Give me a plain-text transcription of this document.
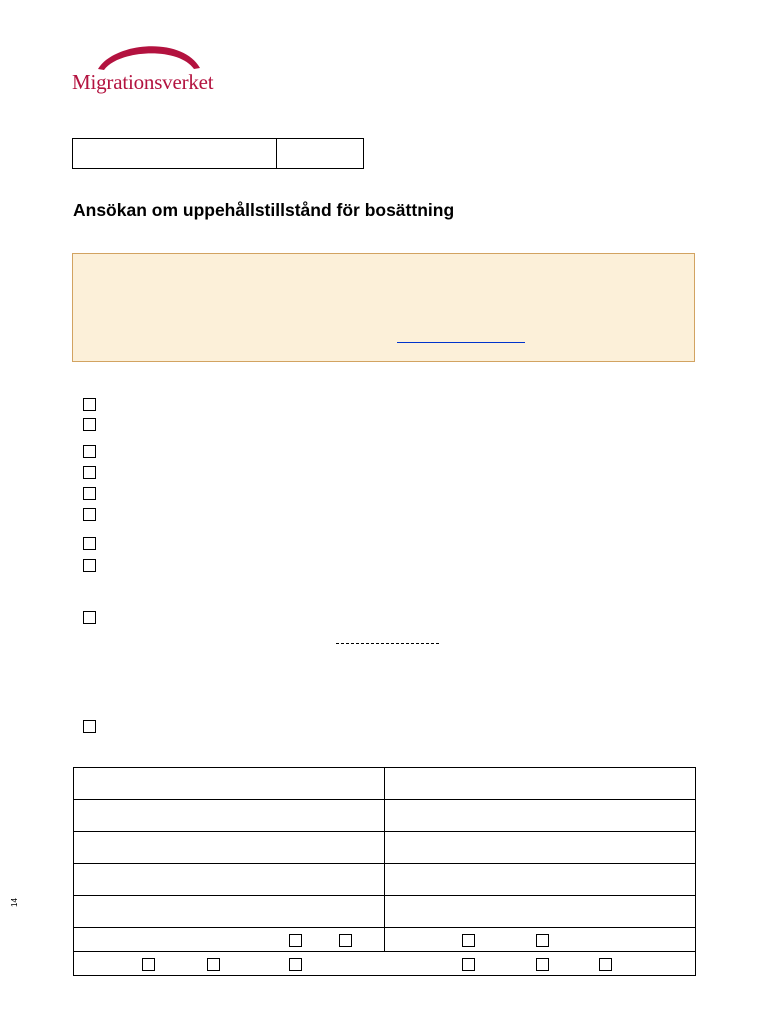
Migrationsverket
Ansökan om uppehållstillstånd för bosättning
14
